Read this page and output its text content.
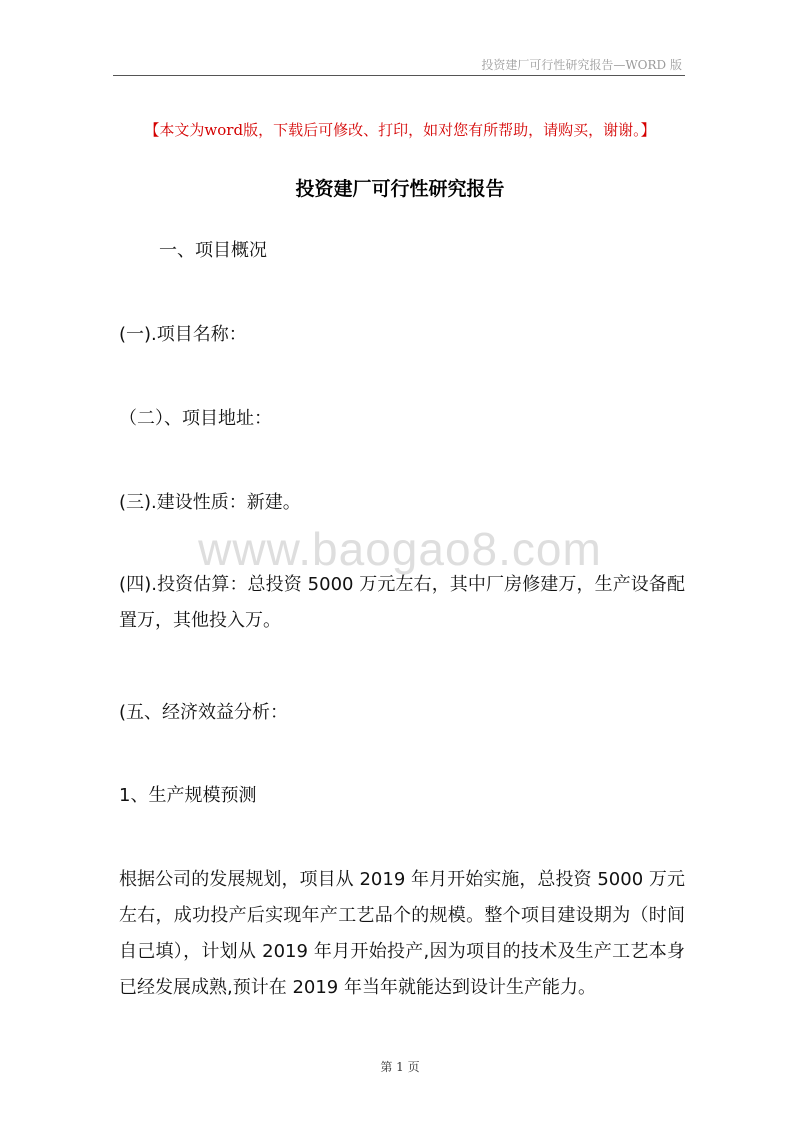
投资建厂可行性研究报告—WORD 版
【本文为word版，下载后可修改、打印，如对您有所帮助，请购买，谢谢。】
投资建厂可行性研究报告
一、项目概况
(一).项目名称：
（二）、项目地址：
(三).建设性质：新建。
www.baogao8.com
(四).投资估算：总投资 5000 万元左右，其中厂房修建万，生产设备配置万，其他投入万。
(五、经济效益分析：
1、生产规模预测
根据公司的发展规划，项目从 2019 年月开始实施，总投资 5000 万元左右，成功投产后实现年产工艺品个的规模。整个项目建设期为（时间自己填），计划从 2019 年月开始投产,因为项目的技术及生产工艺本身已经发展成熟,预计在 2019 年当年就能达到设计生产能力。
第 1 页
